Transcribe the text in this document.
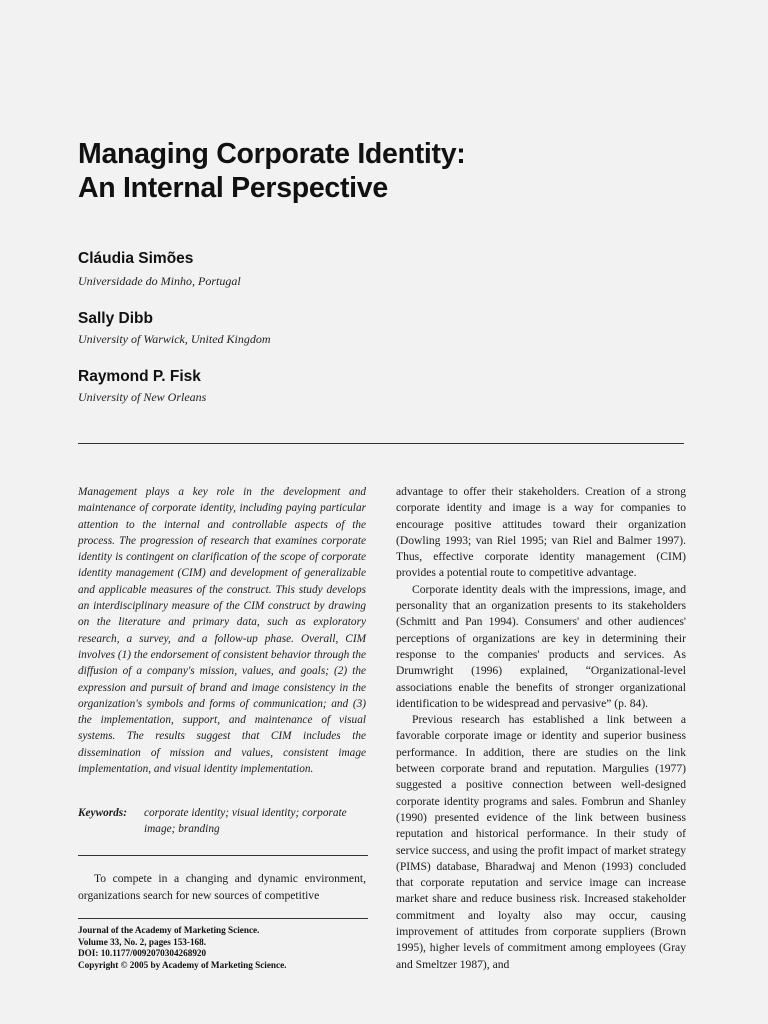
Managing Corporate Identity:
An Internal Perspective
Cláudia Simões
Universidade do Minho, Portugal
Sally Dibb
University of Warwick, United Kingdom
Raymond P. Fisk
University of New Orleans

Management plays a key role in the development and maintenance of corporate identity, including paying particular attention to the internal and controllable aspects of the process. The progression of research that examines corporate identity is contingent on clarification of the scope of corporate identity management (CIM) and development of generalizable and applicable measures of the construct. This study develops an interdisciplinary measure of the CIM construct by drawing on the literature and primary data, such as exploratory research, a survey, and a follow-up phase. Overall, CIM involves (1) the endorsement of consistent behavior through the diffusion of a company's mission, values, and goals; (2) the expression and pursuit of brand and image consistency in the organization's symbols and forms of communication; and (3) the implementation, support, and maintenance of visual systems. The results suggest that CIM includes the dissemination of mission and values, consistent image implementation, and visual identity implementation.

Keywords:	corporate identity; visual identity; corporate image; branding

To compete in a changing and dynamic environment, organizations search for new sources of competitive

Journal of the Academy of Marketing Science.
Volume 33, No. 2, pages 153-168.
DOI: 10.1177/0092070304268920
Copyright © 2005 by Academy of Marketing Science.

advantage to offer their stakeholders. Creation of a strong corporate identity and image is a way for companies to encourage positive attitudes toward their organization (Dowling 1993; van Riel 1995; van Riel and Balmer 1997). Thus, effective corporate identity management (CIM) provides a potential route to competitive advantage.

Corporate identity deals with the impressions, image, and personality that an organization presents to its stakeholders (Schmitt and Pan 1994). Consumers' and other audiences' perceptions of organizations are key in determining their response to the companies' products and services. As Drumwright (1996) explained, “Organizational-level associations enable the benefits of stronger organizational identification to be widespread and pervasive” (p. 84).

Previous research has established a link between a favorable corporate image or identity and superior business performance. In addition, there are studies on the link between corporate brand and reputation. Margulies (1977) suggested a positive connection between well-designed corporate identity programs and sales. Fombrun and Shanley (1990) presented evidence of the link between business reputation and historical performance. In their study of service success, and using the profit impact of market strategy (PIMS) database, Bharadwaj and Menon (1993) concluded that corporate reputation and service image can increase market share and reduce business risk. Increased stakeholder commitment and loyalty also may occur, causing improvement of attitudes from corporate suppliers (Brown 1995), higher levels of commitment among employees (Gray and Smeltzer 1987), and
